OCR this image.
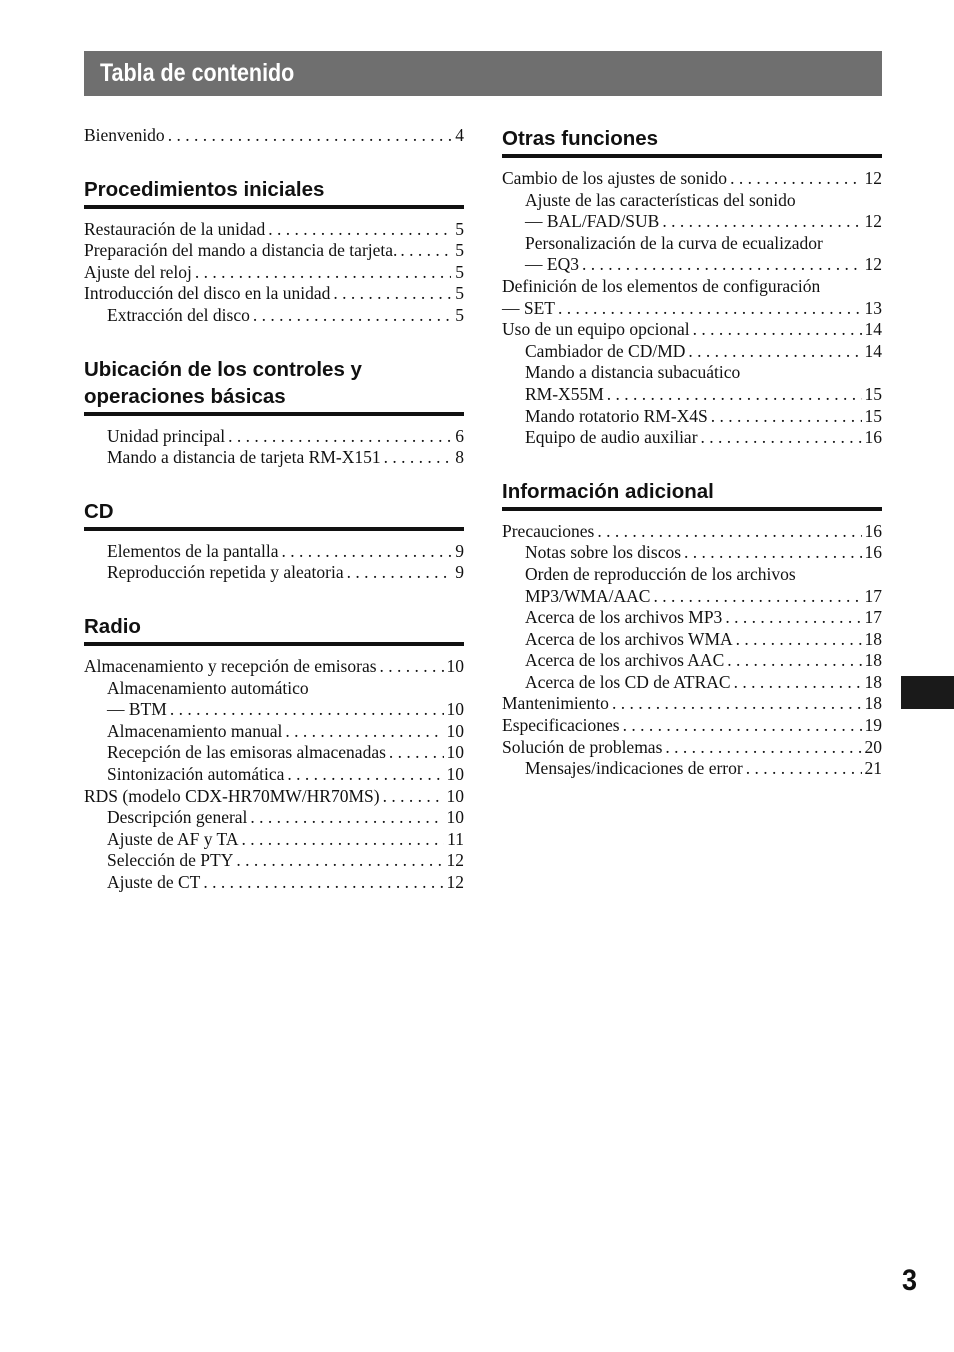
Tabla de contenido
Bienvenido . . .	4
Procedimientos iniciales
Restauración de la unidad . . .	5
Preparación del mando a distancia de tarjeta. . . .	5
Ajuste del reloj . . .	5
Introducción del disco en la unidad . . .	5
Extracción del disco . . .	5
Ubicación de los controles y
operaciones básicas
Unidad principal . . .	6
Mando a distancia de tarjeta RM-X151 . . .	8
CD
Elementos de la pantalla . . .	9
Reproducción repetida y aleatoria . . .	9
Radio
Almacenamiento y recepción de emisoras . . .	10
Almacenamiento automático
— BTM . . .	10
Almacenamiento manual . . .	10
Recepción de las emisoras almacenadas . . .	10
Sintonización automática . . .	10
RDS (modelo CDX-HR70MW/HR70MS) . . .	10
Descripción general . . .	10
Ajuste de AF y TA . . .	11
Selección de PTY . . .	12
Ajuste de CT . . .	12
Otras funciones
Cambio de los ajustes de sonido . . .	12
Ajuste de las características del sonido
— BAL/FAD/SUB . . .	12
Personalización de la curva de ecualizador
— EQ3 . . .	12
Definición de los elementos de configuración
— SET . . .	13
Uso de un equipo opcional . . .	14
Cambiador de CD/MD . . .	14
Mando a distancia subacuático
RM-X55M . . .	15
Mando rotatorio RM-X4S . . .	15
Equipo de audio auxiliar . . .	16
Información adicional
Precauciones . . .	16
Notas sobre los discos . . .	16
Orden de reproducción de los archivos
MP3/WMA/AAC . . .	17
Acerca de los archivos MP3 . . .	17
Acerca de los archivos WMA . . .	18
Acerca de los archivos AAC . . .	18
Acerca de los CD de ATRAC . . .	18
Mantenimiento . . .	18
Especificaciones . . .	19
Solución de problemas . . .	20
Mensajes/indicaciones de error . . .	21
3
